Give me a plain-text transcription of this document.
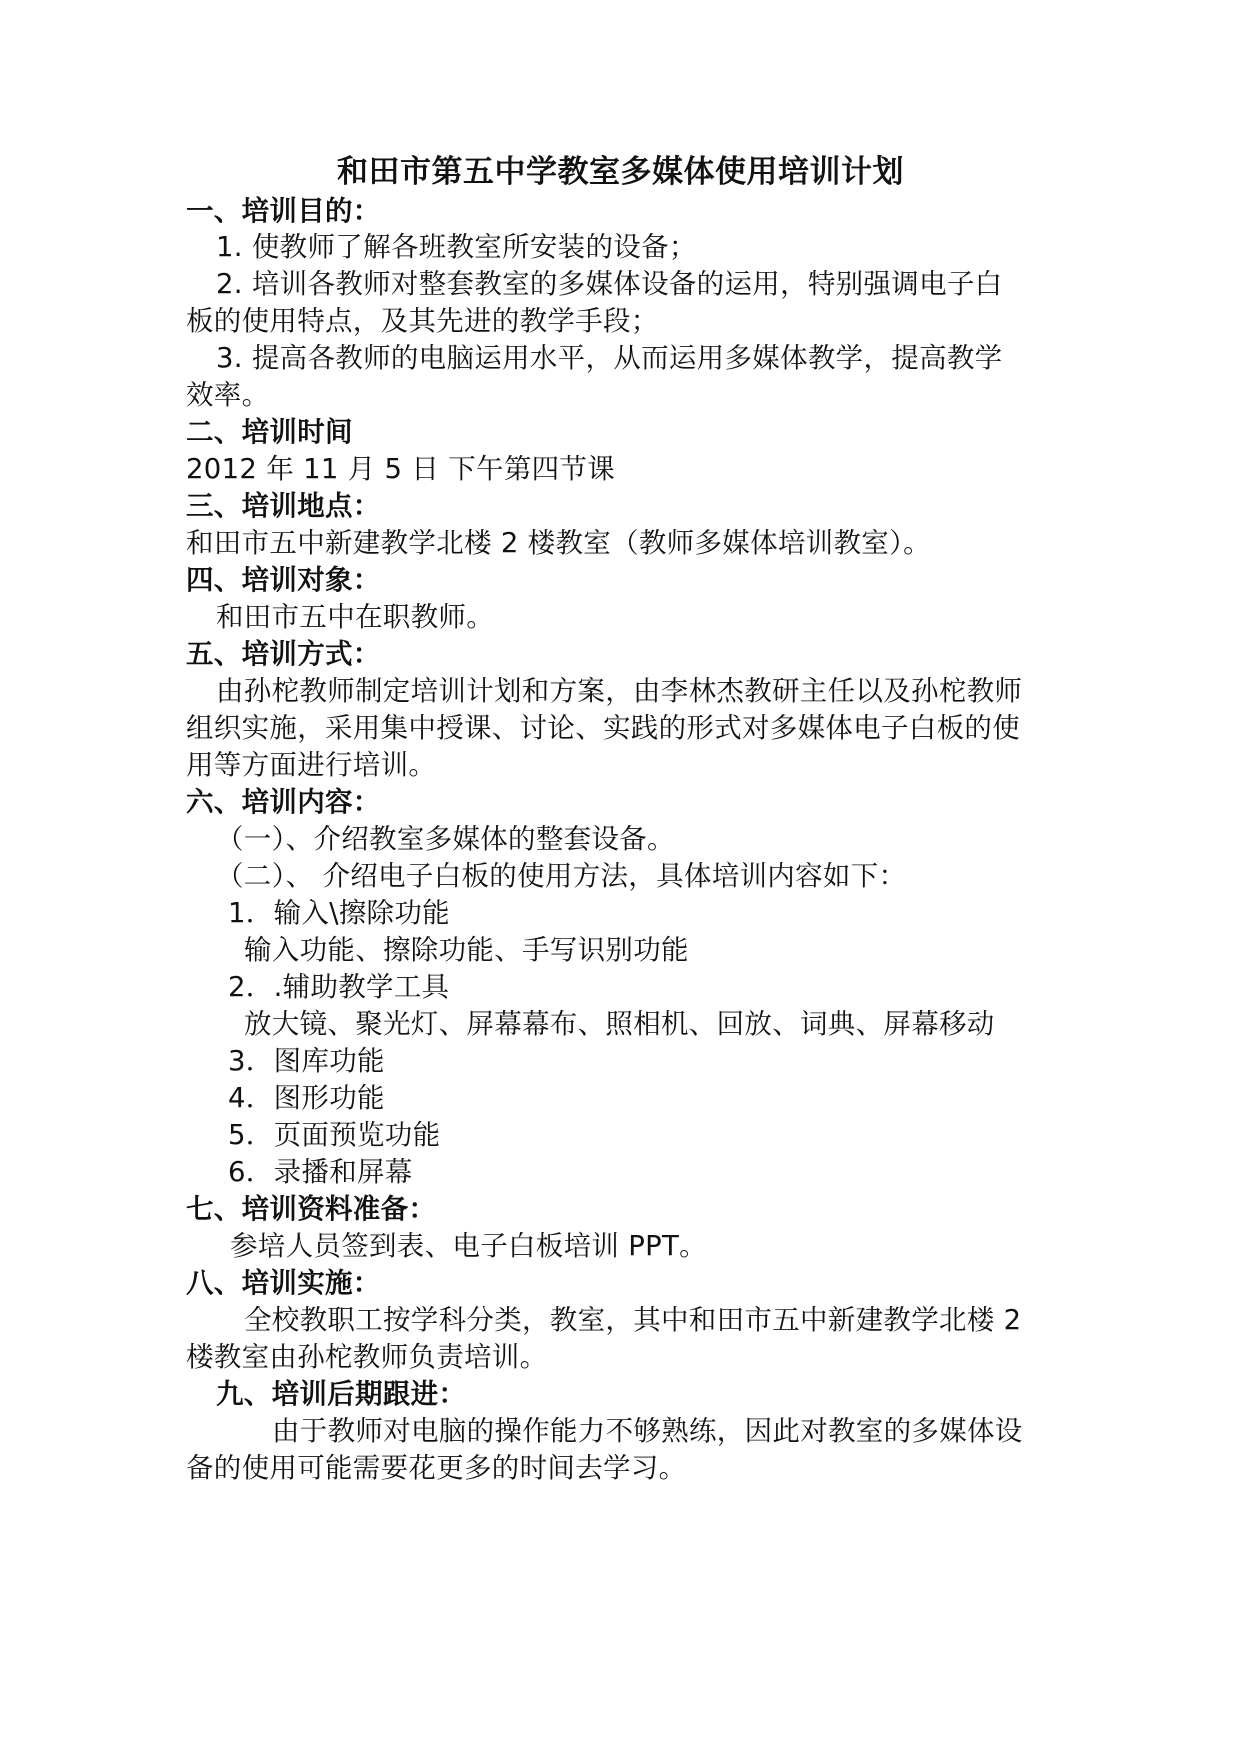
和田市第五中学教室多媒体使用培训计划
一、培训目的：
1. 使教师了解各班教室所安装的设备；
2. 培训各教师对整套教室的多媒体设备的运用，特别强调电子白
板的使用特点，及其先进的教学手段；
3. 提高各教师的电脑运用水平，从而运用多媒体教学，提高教学
效率。
二、培训时间
2012 年 11 月 5 日 下午第四节课
三、培训地点：
和田市五中新建教学北楼 2 楼教室（教师多媒体培训教室）。
四、培训对象：
和田市五中在职教师。
五、培训方式：
由孙柁教师制定培训计划和方案，由李林杰教研主任以及孙柁教师
组织实施，采用集中授课、讨论、实践的形式对多媒体电子白板的使
用等方面进行培训。
六、培训内容：
（一）、介绍教室多媒体的整套设备。
（二）、 介绍电子白板的使用方法，具体培训内容如下：
1．输入\擦除功能
输入功能、擦除功能、手写识别功能
2．.辅助教学工具
放大镜、聚光灯、屏幕幕布、照相机、回放、词典、屏幕移动
3．图库功能
4．图形功能
5．页面预览功能
6．录播和屏幕
七、培训资料准备：
参培人员签到表、电子白板培训 PPT。
八、培训实施：
全校教职工按学科分类，教室，其中和田市五中新建教学北楼 2
楼教室由孙柁教师负责培训。
九、培训后期跟进：
由于教师对电脑的操作能力不够熟练，因此对教室的多媒体设
备的使用可能需要花更多的时间去学习。
